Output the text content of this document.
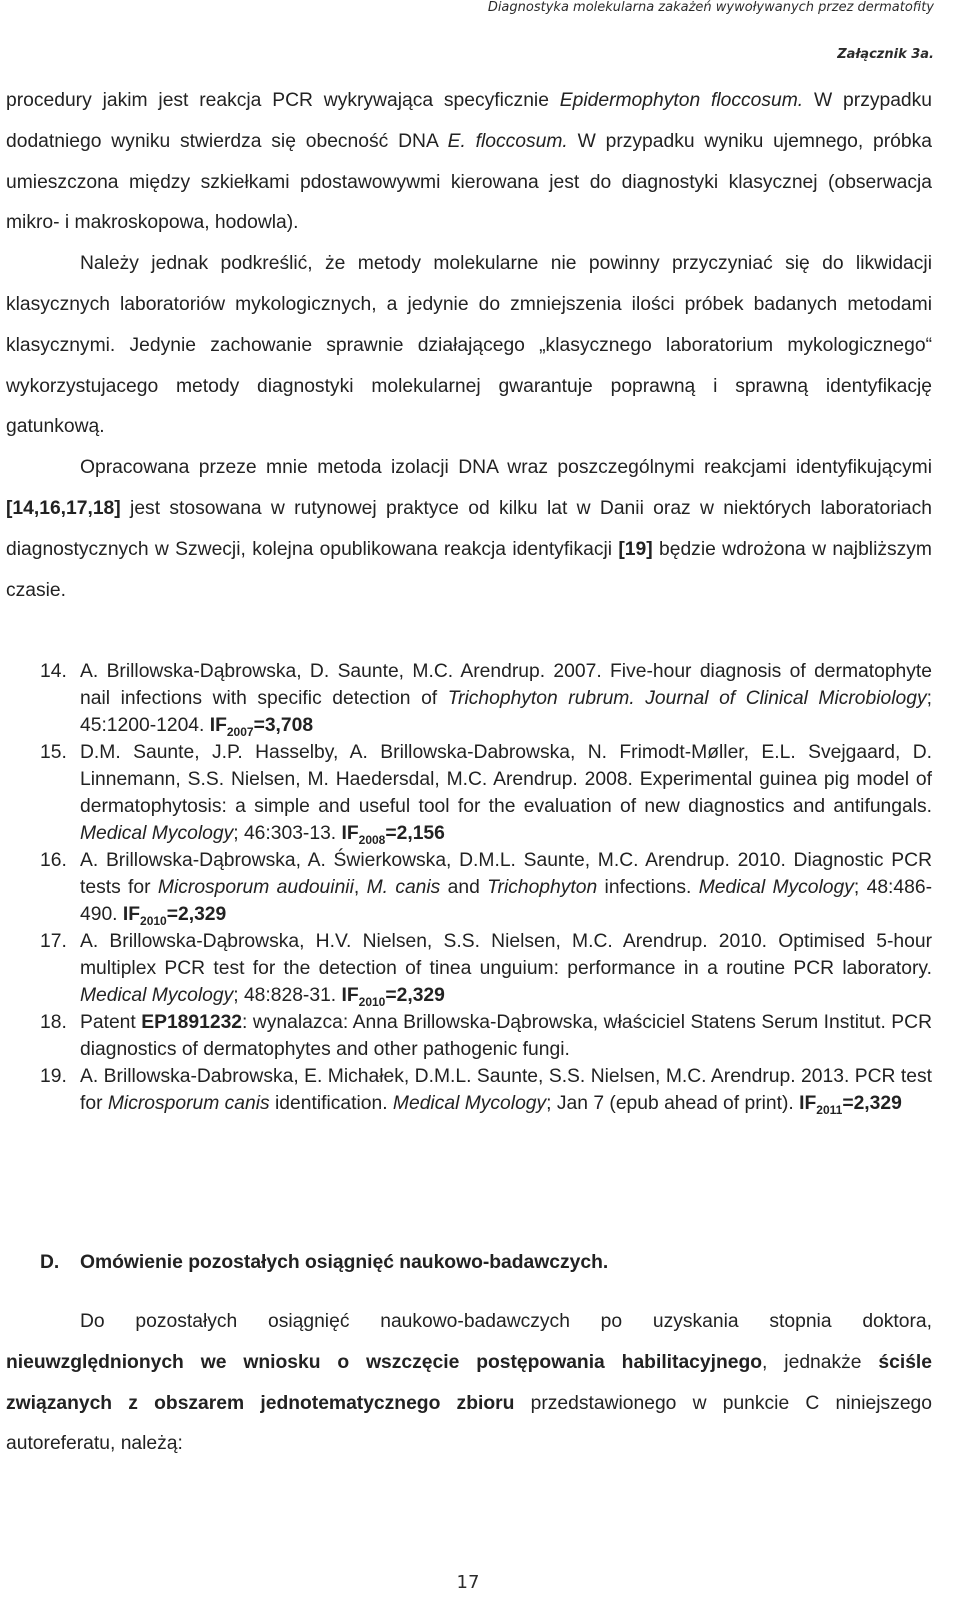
Diagnostyka molekularna zakażeń wywoływanych przez dermatofity
Załącznik 3a.

procedury jakim jest reakcja PCR wykrywająca specyficznie Epidermophyton floccosum. W przypadku dodatniego wyniku stwierdza się obecność DNA E. floccosum. W przypadku wyniku ujemnego, próbka umieszczona między szkiełkami pdostawowywmi kierowana jest do diagnostyki klasycznej (obserwacja mikro- i makroskopowa, hodowla).

Należy jednak podkreślić, że metody molekularne nie powinny przyczyniać się do likwidacji klasycznych laboratoriów mykologicznych, a jedynie do zmniejszenia ilości próbek badanych metodami klasycznymi. Jedynie zachowanie sprawnie działającego „klasycznego laboratorium mykologicznego“ wykorzystujacego metody diagnostyki molekularnej gwarantuje poprawną i sprawną identyfikację gatunkową.

Opracowana przeze mnie metoda izolacji DNA wraz poszczególnymi reakcjami identyfikującymi [14,16,17,18] jest stosowana w rutynowej praktyce od kilku lat w Danii oraz w niektórych laboratoriach diagnostycznych w Szwecji, kolejna opublikowana reakcja identyfikacji [19] będzie wdrożona w najbliższym czasie.

14. A. Brillowska-Dąbrowska, D. Saunte, M.C. Arendrup. 2007. Five-hour diagnosis of dermatophyte nail infections with specific detection of Trichophyton rubrum. Journal of Clinical Microbiology; 45:1200-1204. $IF_{2007}=3,708$
15. D.M. Saunte, J.P. Hasselby, A. Brillowska-Dabrowska, N. Frimodt-Møller, E.L. Svejgaard, D. Linnemann, S.S. Nielsen, M. Haedersdal, M.C. Arendrup. 2008. Experimental guinea pig model of dermatophytosis: a simple and useful tool for the evaluation of new diagnostics and antifungals. Medical Mycology; 46:303-13. $IF_{2008}=2,156$
16. A. Brillowska-Dąbrowska, A. Świerkowska, D.M.L. Saunte, M.C. Arendrup. 2010. Diagnostic PCR tests for Microsporum audouinii, M. canis and Trichophyton infections. Medical Mycology; 48:486-490. $IF_{2010}=2,329$
17. A. Brillowska-Dąbrowska, H.V. Nielsen, S.S. Nielsen, M.C. Arendrup. 2010. Optimised 5-hour multiplex PCR test for the detection of tinea unguium: performance in a routine PCR laboratory. Medical Mycology; 48:828-31. $IF_{2010}=2,329$
18. Patent EP1891232: wynalazca: Anna Brillowska-Dąbrowska, właściciel Statens Serum Institut. PCR diagnostics of dermatophytes and other pathogenic fungi.
19. A. Brillowska-Dabrowska, E. Michałek, D.M.L. Saunte, S.S. Nielsen, M.C. Arendrup. 2013. PCR test for Microsporum canis identification. Medical Mycology; Jan 7 (epub ahead of print). $IF_{2011}=2,329$
D. Omówienie pozostałych osiągnięć naukowo-badawczych.

Do pozostałych osiągnięć naukowo-badawczych po uzyskania stopnia doktora, nieuwzględnionych we wniosku o wszczęcie postępowania habilitacyjnego, jednakże ściśle związanych z obszarem jednotematycznego zbioru przedstawionego w punkcie C niniejszego autoreferatu, należą:

17
